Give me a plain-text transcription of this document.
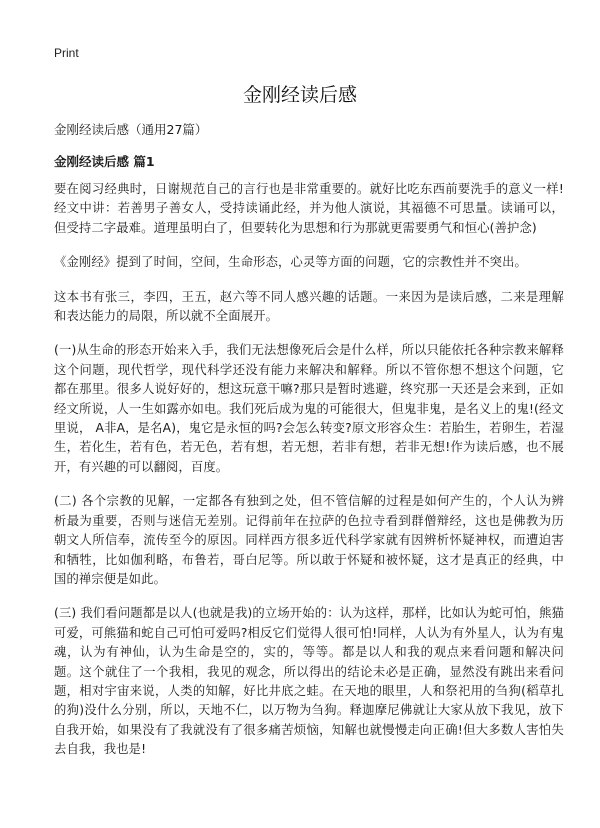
Print
金刚经读后感

金刚经读后感（通用27篇）

金刚经读后感 篇1

要在阅习经典时，日谢规范自己的言行也是非常重要的。就好比吃东西前要洗手的意义一样! 经文中讲：若善男子善女人，受持读诵此经，并为他人演说，其福德不可思量。读诵可以，但受持二字最难。道理虽明白了，但要转化为思想和行为那就更需要勇气和恒心(善护念)

《金刚经》提到了时间，空间，生命形态，心灵等方面的问题，它的宗教性并不突出。

这本书有张三，李四，王五，赵六等不同人感兴趣的话题。一来因为是读后感，二来是理解和表达能力的局限，所以就不全面展开。

(一)从生命的形态开始来入手，我们无法想像死后会是什么样，所以只能依托各种宗教来解释这个问题，现代哲学，现代科学还没有能力来解决和解释。所以不管你想不想这个问题，它都在那里。很多人说好好的，想这玩意干嘛?那只是暂时逃避，终究那一天还是会来到，正如经文所说，人一生如露亦如电。我们死后成为鬼的可能很大，但鬼非鬼，是名义上的鬼!(经文里说， A非A，是名A)，鬼它是永恒的吗?会怎么转变?原文形容众生：若胎生，若卵生，若湿生，若化生，若有色，若无色，若有想，若无想，若非有想，若非无想!作为读后感，也不展开，有兴趣的可以翻阅，百度。

(二) 各个宗教的见解，一定都各有独到之处，但不管信解的过程是如何产生的，个人认为辨析最为重要，否则与迷信无差别。记得前年在拉萨的色拉寺看到群僧辩经，这也是佛教为历朝文人所信奉，流传至今的原因。同样西方很多近代科学家就有因辨析怀疑神权，而遭迫害和牺牲，比如伽利略，布鲁若，哥白尼等。所以敢于怀疑和被怀疑，这才是真正的经典，中国的禅宗便是如此。

(三) 我们看问题都是以人(也就是我)的立场开始的：认为这样，那样，比如认为蛇可怕，熊猫可爱，可熊猫和蛇自己可怕可爱吗?相反它们觉得人很可怕!同样，人认为有外星人，认为有鬼魂，认为有神仙，认为生命是空的，实的，等等。都是以人和我的观点来看问题和解决问题。这个就住了一个我相，我见的观念，所以得出的结论未必是正确，显然没有跳出来看问题，相对宇宙来说，人类的知解，好比井底之蛙。在天地的眼里，人和祭祀用的刍狗(稻草扎的狗)没什么分别，所以，天地不仁，以万物为刍狗。释迦摩尼佛就让大家从放下我见，放下自我开始，如果没有了我就没有了很多痛苦烦恼，知解也就慢慢走向正确!但大多数人害怕失去自我，我也是!
